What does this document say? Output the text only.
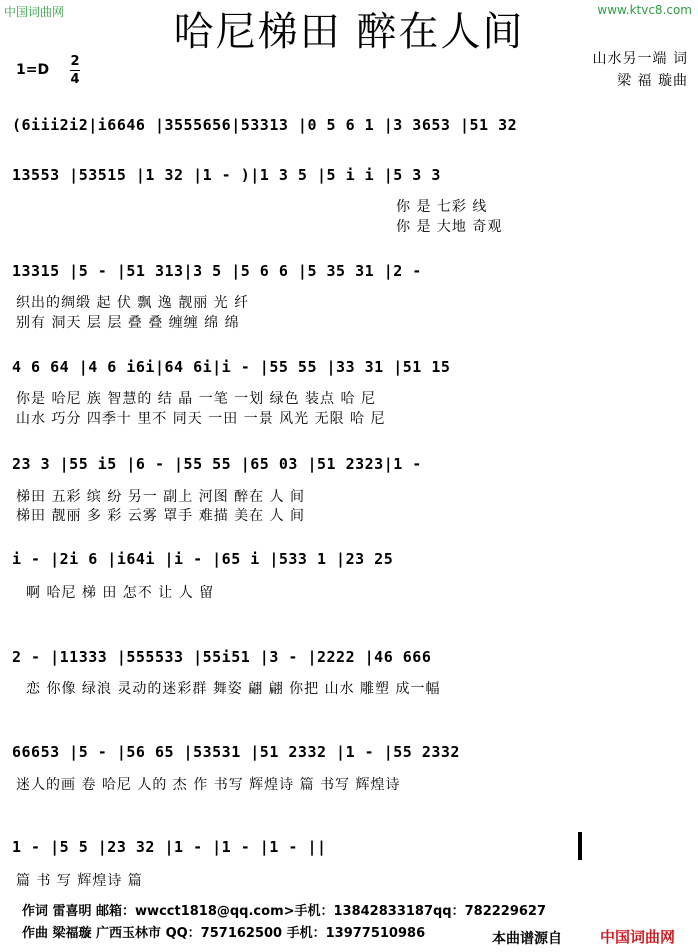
中国词曲网	www.ktvc8.com
哈尼梯田 醉在人间
1=D
2
4
山水另一端 词
梁 福 璇曲
(6iii2i2|i6646 |3555656|53313 |0 5 6 1 |3 3653 |51 32
13553 |53515 |1 32 |1 - )|1 3 5 |5 i i |5 3 3
你 是 七彩 线
你 是 大地 奇观
13315 |5 - |51 313|3 5 |5 6 6 |5 35 31 |2 -
织出的绸缎 起 伏 飘 逸 靓丽 光 纤
别有 洞天 层 层 叠 叠 缠缠 绵 绵
4 6 64 |4 6 i6i|64 6i|i - |55 55 |33 31 |51 15
你是 哈尼 族 智慧的 结 晶 一笔 一划 绿色 装点 哈 尼
山水 巧分 四季十 里不 同天 一田 一景 风光 无限 哈 尼
23 3 |55 i5 |6 - |55 55 |65 03 |51 2323|1 -
梯田 五彩 缤 纷 另一 副上 河图 醉在 人 间
梯田 靓丽 多 彩 云雾 罩手 难描 美在 人 间
i - |2i 6 |i64i |i - |65 i |533 1 |23 25
啊 哈尼 梯 田 怎不 让 人 留
2 - |11333 |555533 |55i51 |3 - |2222 |46 666
恋 你像 绿浪 灵动的迷彩群 舞姿 翩 翩 你把 山水 雕塑 成一幅
66653 |5 - |56 65 |53531 |51 2332 |1 - |55 2332
迷人的画 卷 哈尼 人的 杰 作 书写 辉煌诗 篇 书写 辉煌诗
1 - |5 5 |23 32 |1 - |1 - |1 - ||
篇 书 写 辉煌诗 篇
作词 雷喜明 邮箱：wwcct1818@qq.com>手机：13842833187qq：782229627
作曲 梁福璇 广西玉林市 QQ：757162500 手机：13977510986	本曲谱源自	中国词曲网
